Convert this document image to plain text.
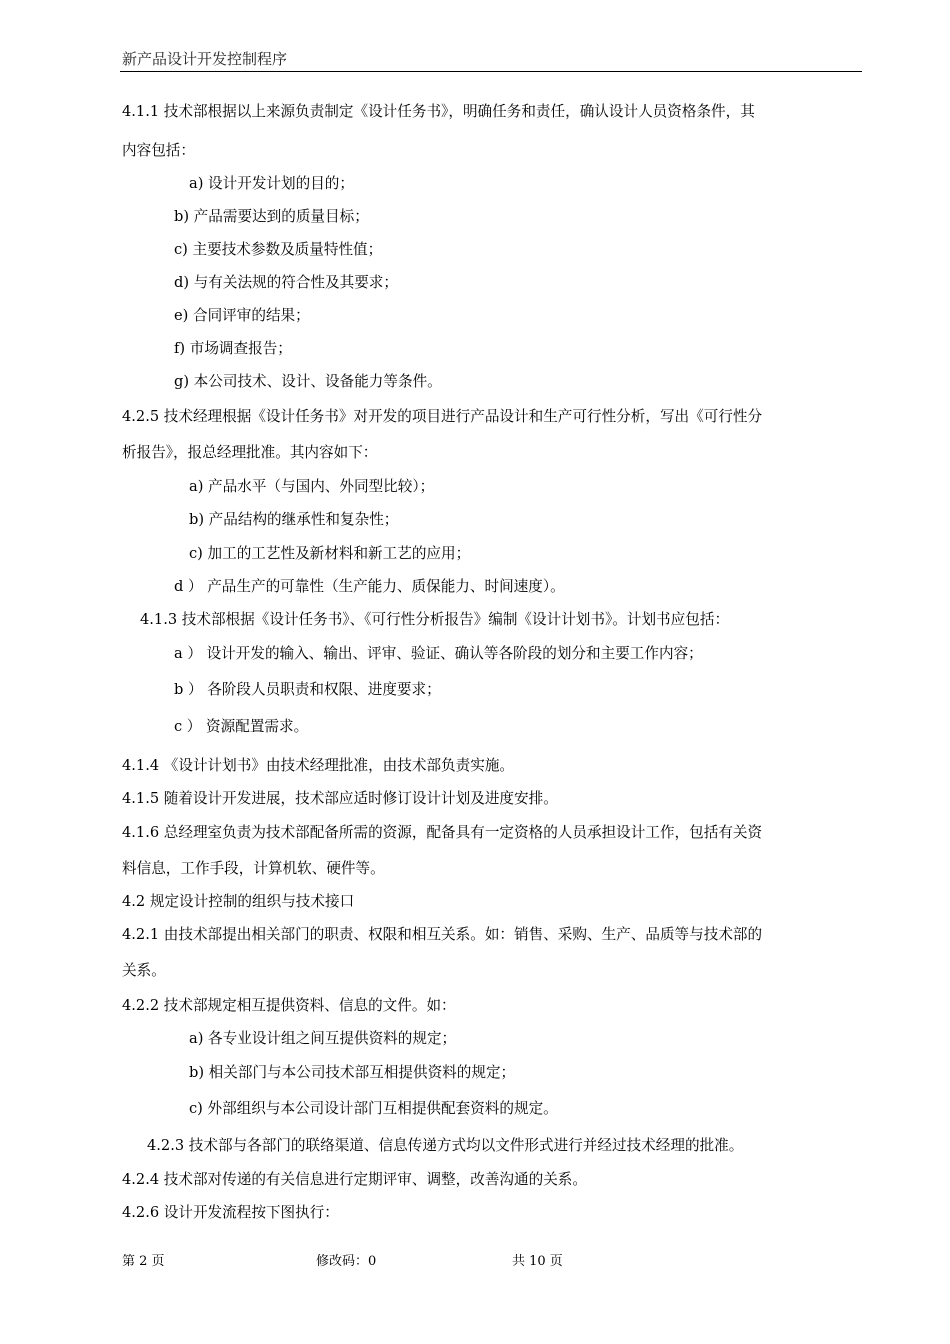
新产品设计开发控制程序
4.1.1 技术部根据以上来源负责制定《设计任务书》，明确任务和责任，确认设计人员资格条件，其
内容包括：
a) 设计开发计划的目的；
b) 产品需要达到的质量目标；
c) 主要技术参数及质量特性值；
d) 与有关法规的符合性及其要求；
e) 合同评审的结果；
f) 市场调查报告；
g) 本公司技术、设计、设备能力等条件。
4.2.5 技术经理根据《设计任务书》对开发的项目进行产品设计和生产可行性分析，写出《可行性分
析报告》，报总经理批准。其内容如下：
a) 产品水平（与国内、外同型比较）；
b) 产品结构的继承性和复杂性；
c) 加工的工艺性及新材料和新工艺的应用；
d ） 产品生产的可靠性（生产能力、质保能力、时间速度）。
4.1.3 技术部根据《设计任务书》、《可行性分析报告》编制《设计计划书》。计划书应包括：
a ） 设计开发的输入、输出、评审、验证、确认等各阶段的划分和主要工作内容；
b ） 各阶段人员职责和权限、进度要求；
c ） 资源配置需求。
4.1.4 《设计计划书》由技术经理批准，由技术部负责实施。
4.1.5 随着设计开发进展，技术部应适时修订设计计划及进度安排。
4.1.6 总经理室负责为技术部配备所需的资源，配备具有一定资格的人员承担设计工作，包括有关资
料信息，工作手段，计算机软、硬件等。
4.2 规定设计控制的组织与技术接口
4.2.1 由技术部提出相关部门的职责、权限和相互关系。如：销售、采购、生产、品质等与技术部的
关系。
4.2.2 技术部规定相互提供资料、信息的文件。如：
a) 各专业设计组之间互提供资料的规定；
b) 相关部门与本公司技术部互相提供资料的规定；
c) 外部组织与本公司设计部门互相提供配套资料的规定。
4.2.3 技术部与各部门的联络渠道、信息传递方式均以文件形式进行并经过技术经理的批准。
4.2.4 技术部对传递的有关信息进行定期评审、调整，改善沟通的关系。
4.2.6 设计开发流程按下图执行：
第 2 页	修改码：0	共 10 页
